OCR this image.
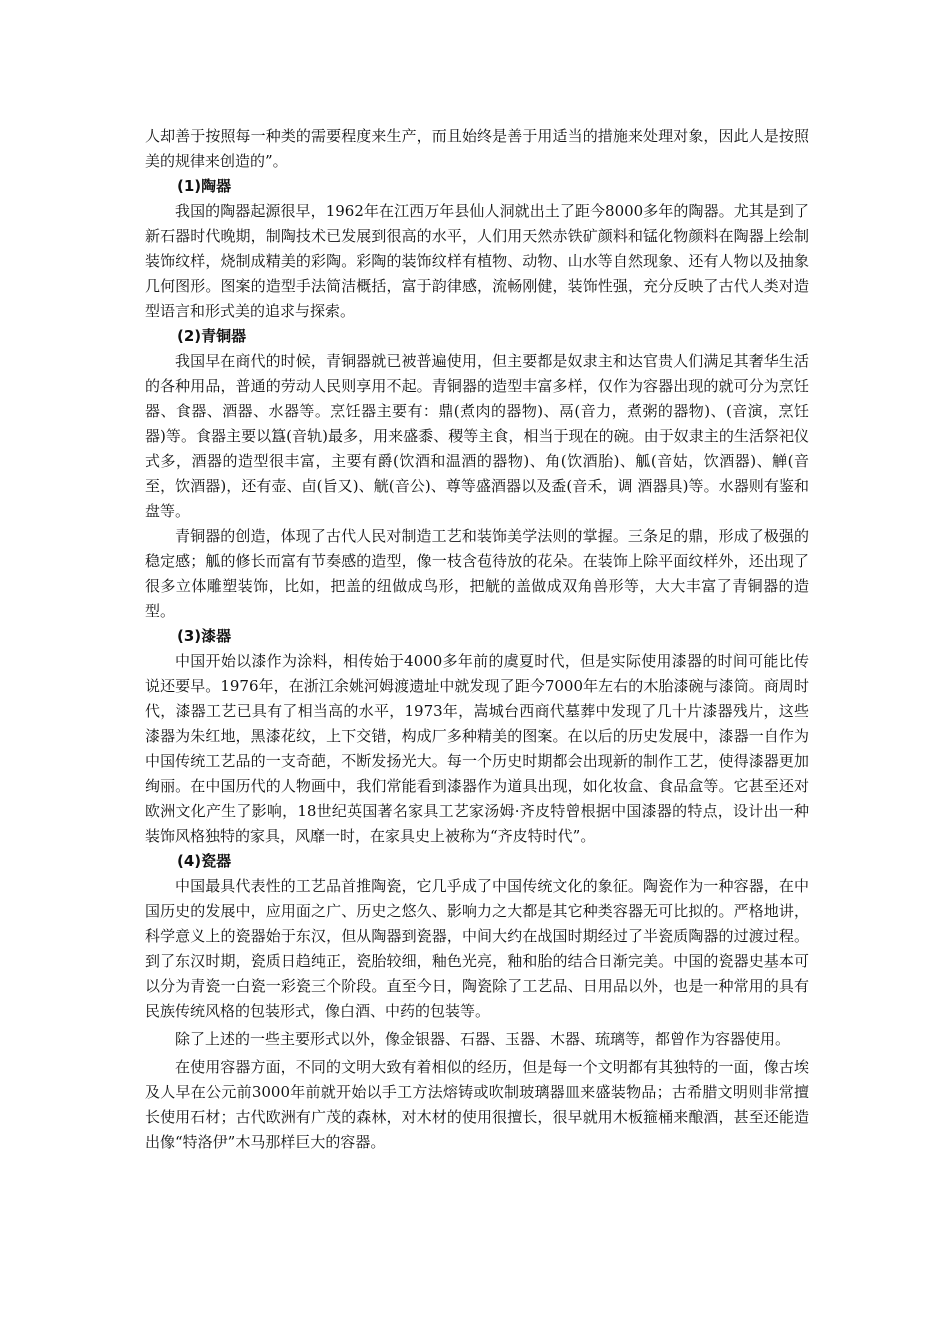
人却善于按照每一种类的需要程度来生产，而且始终是善于用适当的措施来处理对象，因此人是按照美的规律来创造的”。

(1)陶器

我国的陶器起源很早，1962年在江西万年县仙人洞就出土了距今8000多年的陶器。尤其是到了新石器时代晚期，制陶技术已发展到很高的水平，人们用天然赤铁矿颜料和锰化物颜料在陶器上绘制装饰纹样，烧制成精美的彩陶。彩陶的装饰纹样有植物、动物、山水等自然现象、还有人物以及抽象几何图形。图案的造型手法简洁概括，富于韵律感，流畅刚健，装饰性强，充分反映了古代人类对造型语言和形式美的追求与探索。

(2)青铜器

我国早在商代的时候，青铜器就已被普遍使用，但主要都是奴隶主和达官贵人们满足其奢华生活的各种用品，普通的劳动人民则享用不起。青铜器的造型丰富多样，仅作为容器出现的就可分为烹饪器、食器、酒器、水器等。烹饪器主要有：鼎(煮肉的器物)、鬲(音力，煮粥的器物)、(音演，烹饪器)等。食器主要以簋(音轨)最多，用来盛黍、稷等主食，相当于现在的碗。由于奴隶主的生活祭祀仪式多，酒器的造型很丰富，主要有爵(饮酒和温酒的器物)、角(饮酒胎)、觚(音姑，饮酒器)、觯(音至，饮酒器)，还有壶、卣(旨又)、觥(音公)、尊等盛酒器以及盉(音禾，调 酒器具)等。水器则有鉴和盘等。

青铜器的创造，体现了古代人民对制造工艺和装饰美学法则的掌握。三条足的鼎，形成了极强的稳定感；觚的修长而富有节奏感的造型，像一枝含苞待放的花朵。在装饰上除平面纹样外，还出现了很多立体雕塑装饰，比如，把盖的纽做成鸟形，把觥的盖做成双角兽形等，大大丰富了青铜器的造型。

(3)漆器

中国开始以漆作为涂料，相传始于4000多年前的虞夏时代，但是实际使用漆器的时间可能比传说还要早。1976年，在浙江余姚河姆渡遗址中就发现了距今7000年左右的木胎漆碗与漆筒。商周时代，漆器工艺已具有了相当高的水平，1973年，嵩城台西商代墓葬中发现了几十片漆器残片，这些漆器为朱红地，黑漆花纹，上下交错，构成厂多种精美的图案。在以后的历史发展中，漆器一自作为中国传统工艺品的一支奇葩，不断发扬光大。每一个历史时期都会出现新的制作工艺，使得漆器更加绚丽。在中国历代的人物画中，我们常能看到漆器作为道具出现，如化妆盒、食品盒等。它甚至还对欧洲文化产生了影响，18世纪英国著名家具工艺家汤姆·齐皮特曾根据中国漆器的特点，设计出一种装饰风格独特的家具，风靡一时，在家具史上被称为“齐皮特时代”。

(4)瓷器

中国最具代表性的工艺品首推陶瓷，它几乎成了中国传统文化的象征。陶瓷作为一种容器，在中国历史的发展中，应用面之广、历史之悠久、影响力之大都是其它种类容器无可比拟的。严格地讲，科学意义上的瓷器始于东汉，但从陶器到瓷器，中间大约在战国时期经过了半瓷质陶器的过渡过程。到了东汉时期，瓷质日趋纯正，瓷胎较细，釉色光亮，釉和胎的结合日渐完美。中国的瓷器史基本可以分为青瓷一白瓷一彩瓷三个阶段。直至今日，陶瓷除了工艺品、日用品以外，也是一种常用的具有民族传统风格的包装形式，像白酒、中药的包装等。

除了上述的一些主要形式以外，像金银器、石器、玉器、木器、琉璃等，都曾作为容器使用。

在使用容器方面，不同的文明大致有着相似的经历，但是每一个文明都有其独特的一面，像古埃及人早在公元前3000年前就开始以手工方法熔铸或吹制玻璃器皿来盛装物品；古希腊文明则非常擅长使用石材；古代欧洲有广茂的森林，对木材的使用很擅长，很早就用木板箍桶来酿酒，甚至还能造出像“特洛伊”木马那样巨大的容器。
